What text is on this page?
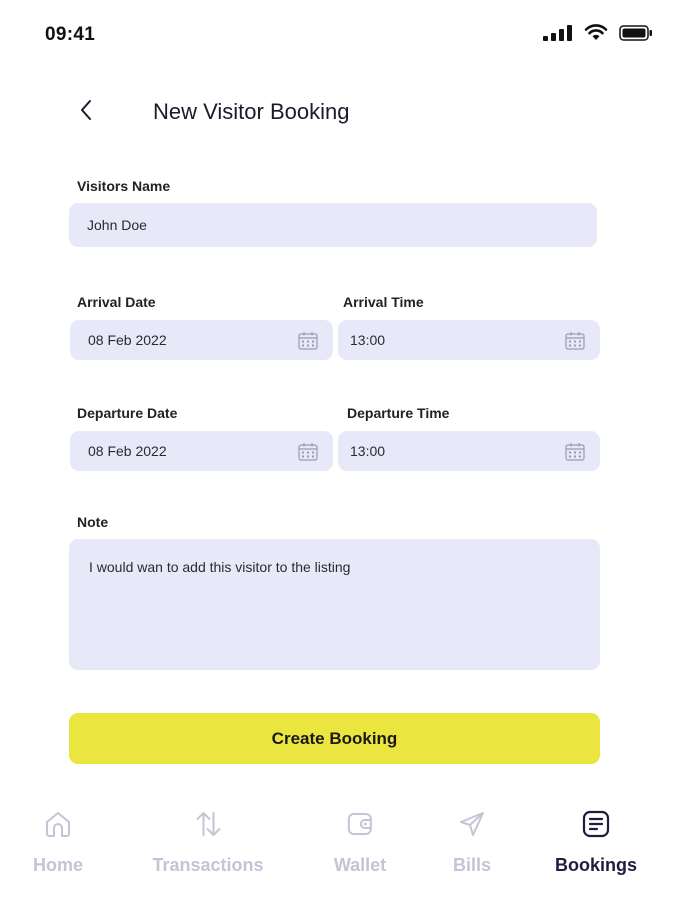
09:41
New Visitor Booking
Visitors Name
John Doe
Arrival Date
08 Feb 2022
Arrival Time
13:00
Departure Date
08 Feb 2022
Departure Time
13:00
Note
I would wan to add this visitor to the listing
Create Booking
Home	Transactions	Wallet	Bills	Bookings
